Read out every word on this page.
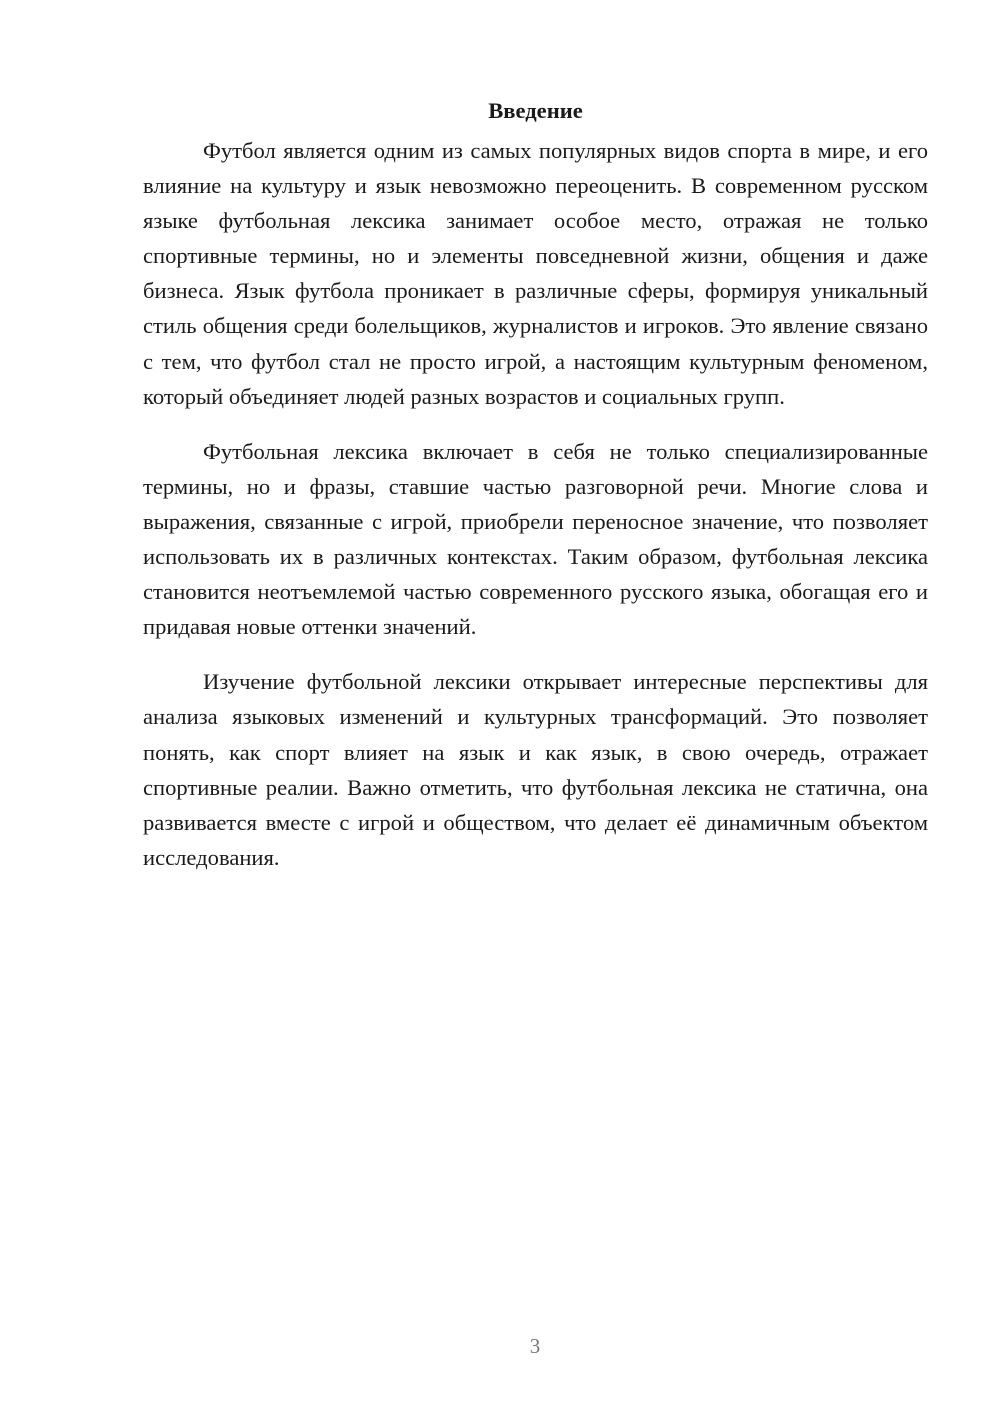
Введение

Футбол является одним из самых популярных видов спорта в мире, и его влияние на культуру и язык невозможно переоценить. В современном русском языке футбольная лексика занимает особое место, отражая не только спортивные термины, но и элементы повседневной жизни, общения и даже бизнеса. Язык футбола проникает в различные сферы, формируя уникальный стиль общения среди болельщиков, журналистов и игроков. Это явление связано с тем, что футбол стал не просто игрой, а настоящим культурным феноменом, который объединяет людей разных возрастов и социальных групп.

Футбольная лексика включает в себя не только специализированные термины, но и фразы, ставшие частью разговорной речи. Многие слова и выражения, связанные с игрой, приобрели переносное значение, что позволяет использовать их в различных контекстах. Таким образом, футбольная лексика становится неотъемлемой частью современного русского языка, обогащая его и придавая новые оттенки значений.

Изучение футбольной лексики открывает интересные перспективы для анализа языковых изменений и культурных трансформаций. Это позволяет понять, как спорт влияет на язык и как язык, в свою очередь, отражает спортивные реалии. Важно отметить, что футбольная лексика не статична, она развивается вместе с игрой и обществом, что делает её динамичным объектом исследования.

3
